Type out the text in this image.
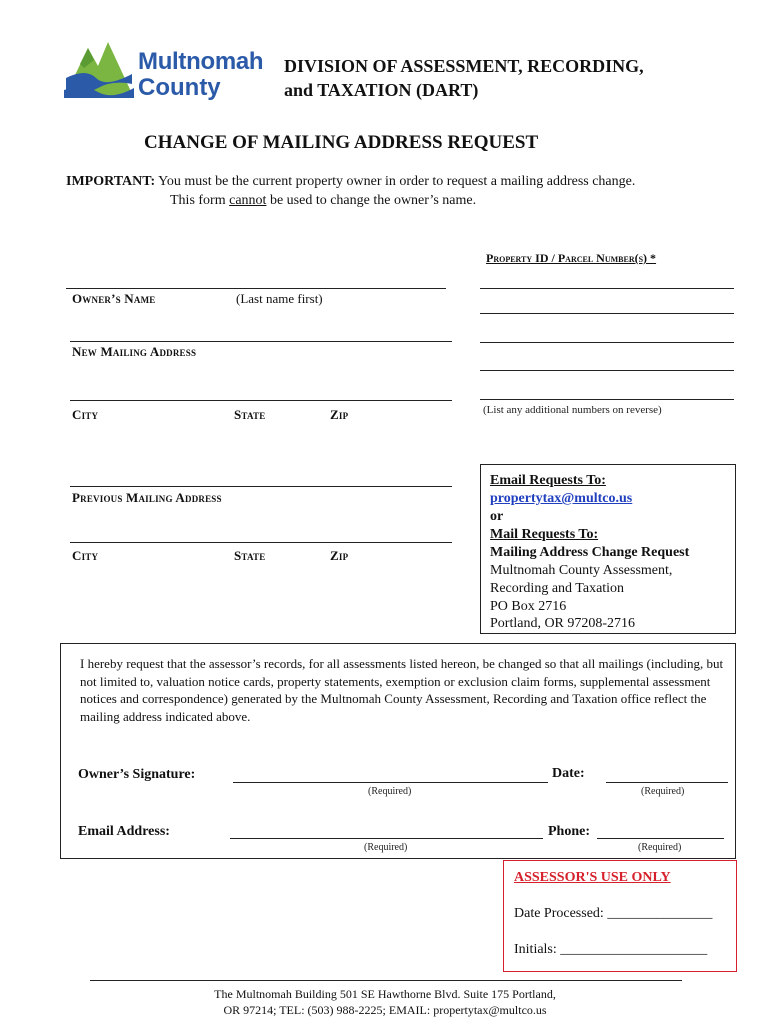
Multnomah
County
DIVISION OF ASSESSMENT, RECORDING,
and TAXATION (DART)
CHANGE OF MAILING ADDRESS REQUEST
IMPORTANT: You must be the current property owner in order to request a mailing address change.
This form cannot be used to change the owner’s name.
Property ID / Parcel Number(s) *
(List any additional numbers on reverse)
Owner’s Name	(Last name first)
New Mailing Address
City	State	Zip
Previous Mailing Address
City	State	Zip
Email Requests To:
propertytax@multco.us
or
Mail Requests To:
Mailing Address Change Request
Multnomah County Assessment,
Recording and Taxation
PO Box 2716
Portland, OR 97208-2716
I hereby request that the assessor’s records, for all assessments listed hereon, be changed so that all mailings (including, but not limited to, valuation notice cards, property statements, exemption or exclusion claim forms, supplemental assessment notices and correspondence) generated by the Multnomah County Assessment, Recording and Taxation office reflect the mailing address indicated above.
Owner’s Signature:	Date:
(Required)	(Required)
Email Address:	Phone:
(Required)	(Required)
ASSESSOR'S USE ONLY
Date Processed: _______________
Initials: _____________________
The Multnomah Building 501 SE Hawthorne Blvd. Suite 175 Portland,
OR 97214; TEL: (503) 988-2225; EMAIL: propertytax@multco.us
